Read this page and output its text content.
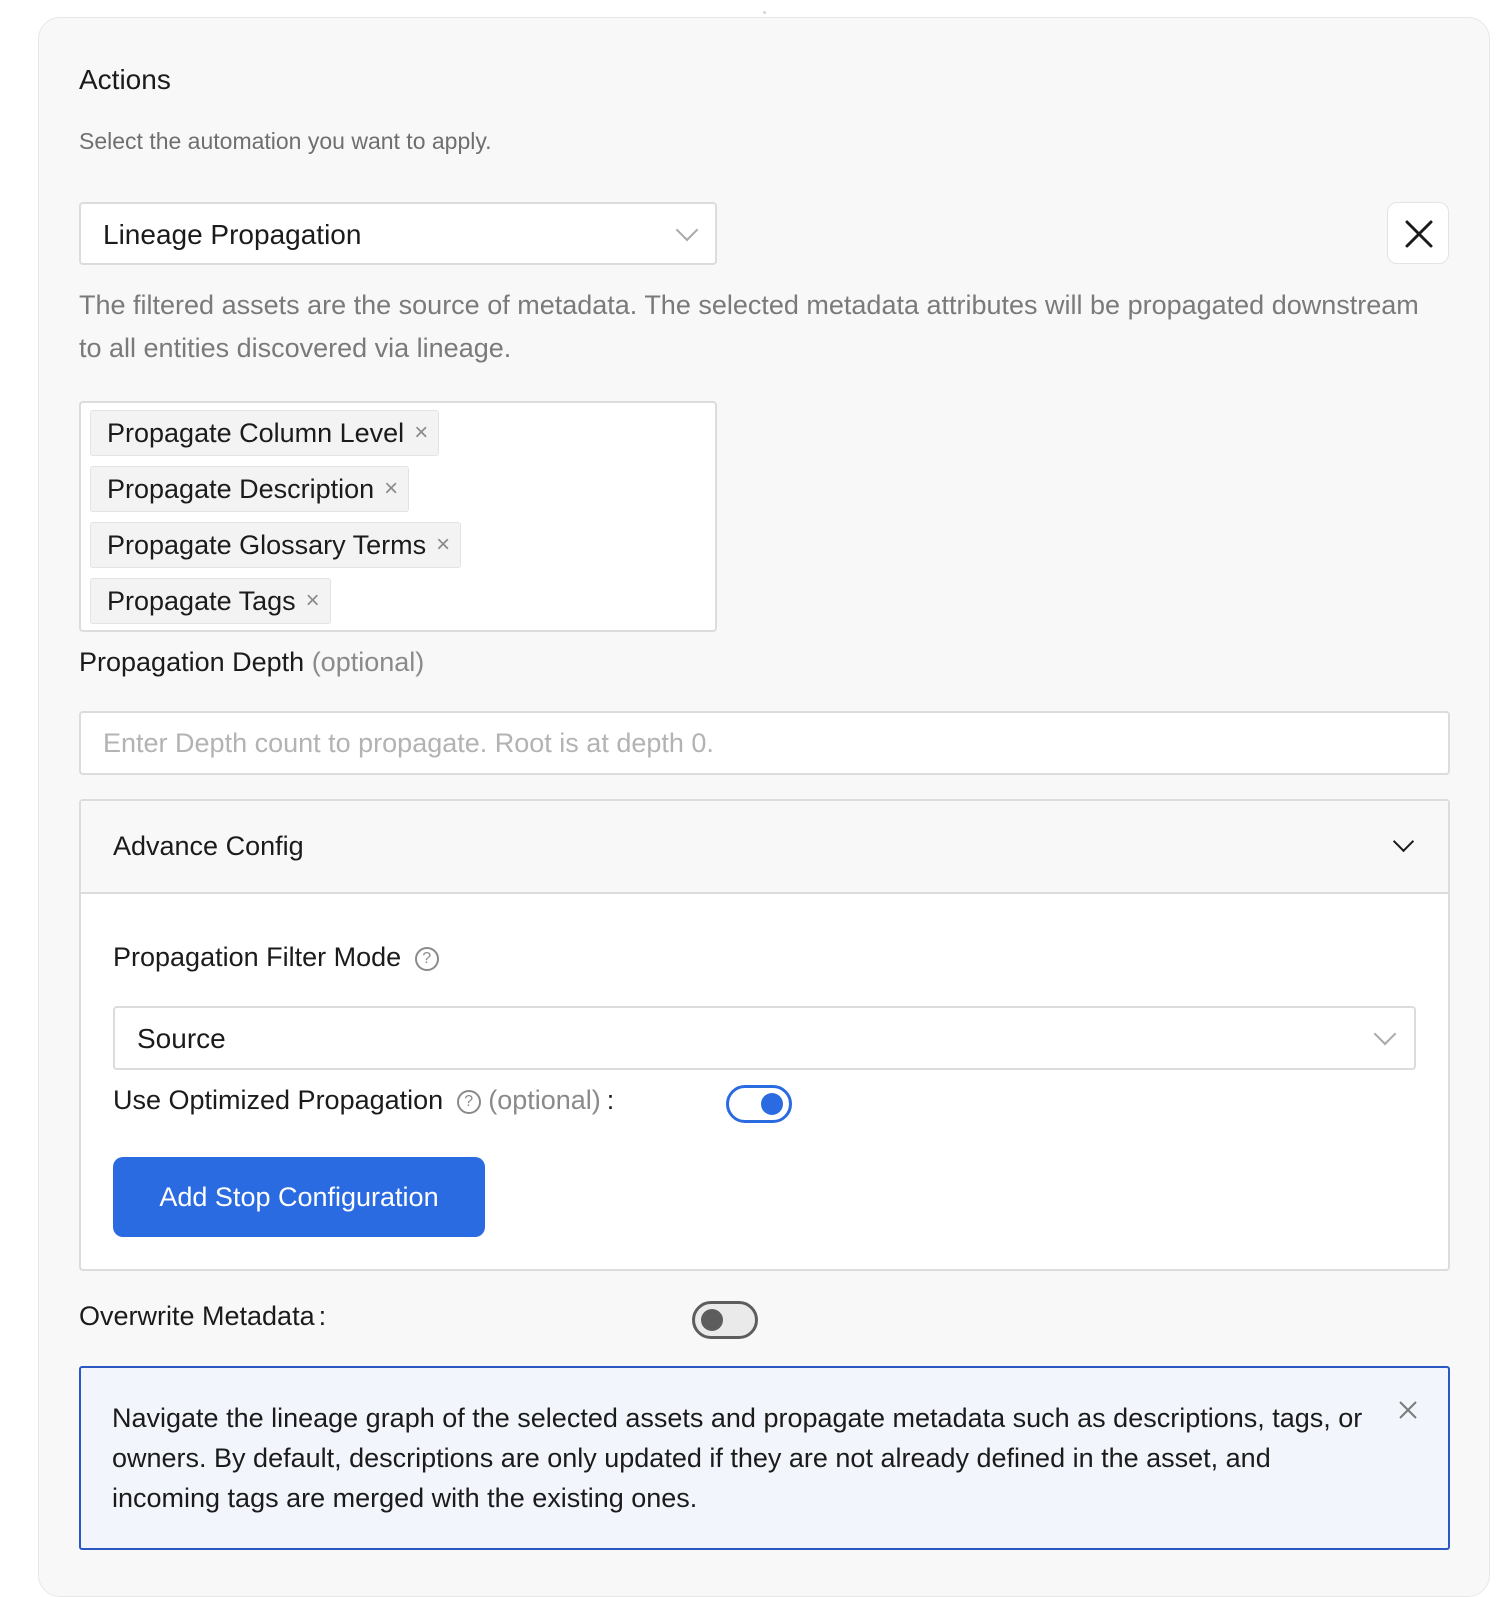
Actions
Select the automation you want to apply.
Lineage Propagation
The filtered assets are the source of metadata. The selected metadata attributes will be propagated downstream to all entities discovered via lineage.
Propagate Column Level ×
Propagate Description ×
Propagate Glossary Terms ×
Propagate Tags ×
Propagation Depth (optional)
Enter Depth count to propagate. Root is at depth 0.
Advance Config
Propagation Filter Mode ?
Source
Use Optimized Propagation ? (optional) :
Add Stop Configuration
Overwrite Metadata :
Navigate the lineage graph of the selected assets and propagate metadata such as descriptions, tags, or owners. By default, descriptions are only updated if they are not already defined in the asset, and incoming tags are merged with the existing ones.
